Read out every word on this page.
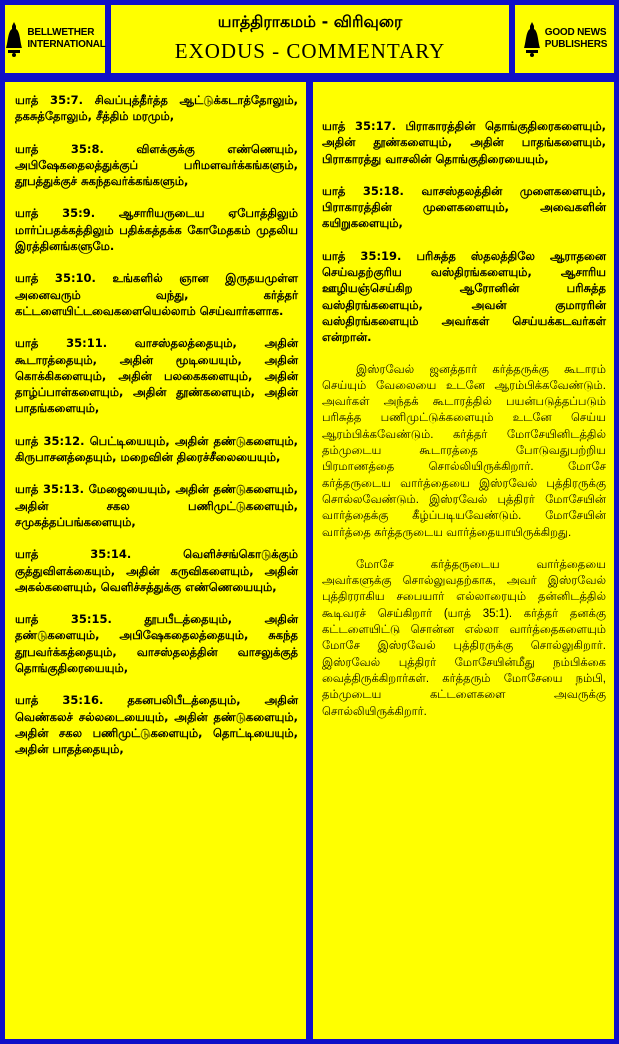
BELLWETHER
INTERNATIONAL
யாத்திராகமம் - விரிவுரை
EXODUS - COMMENTARY
GOOD NEWS
PUBLISHERS
யாத் 35:7. சிவப்புத்தீர்த்த ஆட்டுக்கடாத்தோலும், தகசுத்தோலும், சீத்திம் மரமும்,
யாத் 35:8. விளக்குக்கு எண்ணெயும், அபிஷேகதைலத்துக்குப் பரிமளவர்க்கங்களும், தூபத்துக்குச் சுகந்தவர்க்கங்களும்,
யாத் 35:9. ஆசாரியருடைய ஏபோத்திலும் மார்ப்பதக்கத்திலும் பதிக்கத்தக்க கோமேதகம் முதலிய இரத்தினங்களுமே.
யாத் 35:10. உங்களில் ஞான இருதயமுள்ள அனைவரும் வந்து, கர்த்தர் கட்டளையிட்டவைகளையெல்லாம் செய்வார்களாக.
யாத் 35:11. வாசஸ்தலத்தையும், அதின் கூடாரத்தையும், அதின் மூடியையும், அதின் கொக்கிகளையும், அதின் பலகைகளையும், அதின் தாழ்ப்பாள்களையும், அதின் தூண்களையும், அதின் பாதங்களையும்,
யாத் 35:12. பெட்டியையும், அதின் தண்டுகளையும், கிருபாசனத்தையும், மறைவின் திரைச்சீலையையும்,
யாத் 35:13. மேஜையையும், அதின் தண்டுகளையும், அதின் சகல பணிமுட்டுகளையும், சமுகத்தப்பங்களையும்,
யாத் 35:14. வெளிச்சங்கொடுக்கும் குத்துவிளக்கையும், அதின் கருவிகளையும், அதின் அகல்களையும், வெளிச்சத்துக்கு எண்ணெயையும்,
யாத் 35:15. தூபபீடத்தையும், அதின் தண்டுகளையும், அபிஷேகதைலத்தையும், சுகந்த தூபவர்க்கத்தையும், வாசஸ்தலத்தின் வாசலுக்குத் தொங்குதிரையையும்,
யாத் 35:16. தகனபலிபீடத்தையும், அதின் வெண்கலச் சல்லடையையும், அதின் தண்டுகளையும், அதின் சகல பணிமுட்டுகளையும், தொட்டியையும், அதின் பாதத்தையும்,
யாத் 35:17. பிராகாரத்தின் தொங்குதிரைகளையும், அதின் தூண்களையும், அதின் பாதங்களையும், பிராகாரத்து வாசலின் தொங்குதிரையையும்,
யாத் 35:18. வாசஸ்தலத்தின் முளைகளையும், பிராகாரத்தின் முளைகளையும், அவைகளின் கயிறுகளையும்,
யாத் 35:19. பரிசுத்த ஸ்தலத்திலே ஆராதனை செய்வதற்குரிய வஸ்திரங்களையும், ஆசாரிய ஊழியஞ்செய்கிற ஆரோனின் பரிசுத்த வஸ்திரங்களையும், அவன் குமாரரின் வஸ்திரங்களையும் அவர்கள் செய்யக்கடவர்கள் என்றான்.
இஸ்ரவேல் ஜனத்தார் கர்த்தருக்கு கூடாரம் செய்யும் வேலையை உடனே ஆரம்பிக்கவேண்டும். அவர்கள் அந்தக் கூடாரத்தில் பயன்படுத்தப்படும் பரிசுத்த பணிமுட்டுக்களையும் உடனே செய்ய ஆரம்பிக்கவேண்டும். கர்த்தர் மோசேயினிடத்தில் தம்முடைய கூடாரத்தை போடுவதுபற்றிய பிரமாணத்தை சொல்லியிருக்கிறார். மோசே கர்த்தருடைய வார்த்தையை இஸ்ரவேல் புத்திரருக்கு சொல்லவேண்டும். இஸ்ரவேல் புத்திரர் மோசேயின் வார்த்தைக்கு கீழ்ப்படியவேண்டும். மோசேயின் வார்த்தை கர்த்தருடைய வார்த்தையாயிருக்கிறது.
மோசே கர்த்தருடைய வார்த்தையை அவர்களுக்கு சொல்லுவதற்காக, அவர் இஸ்ரவேல் புத்திரராகிய சபையார் எல்லாரையும் தன்னிடத்தில் கூடிவரச் செய்கிறார் (யாத் 35:1). கர்த்தர் தனக்கு கட்டளையிட்டு சொன்ன எல்லா வார்த்தைகளையும் மோசே இஸ்ரவேல் புத்திரருக்கு சொல்லுகிறார். இஸ்ரவேல் புத்திரர் மோசேயின்மீது நம்பிக்கை வைத்திருக்கிறார்கள். கர்த்தரும் மோசேயை நம்பி, தம்முடைய கட்டளைகளை அவருக்கு சொல்லியிருக்கிறார்.
